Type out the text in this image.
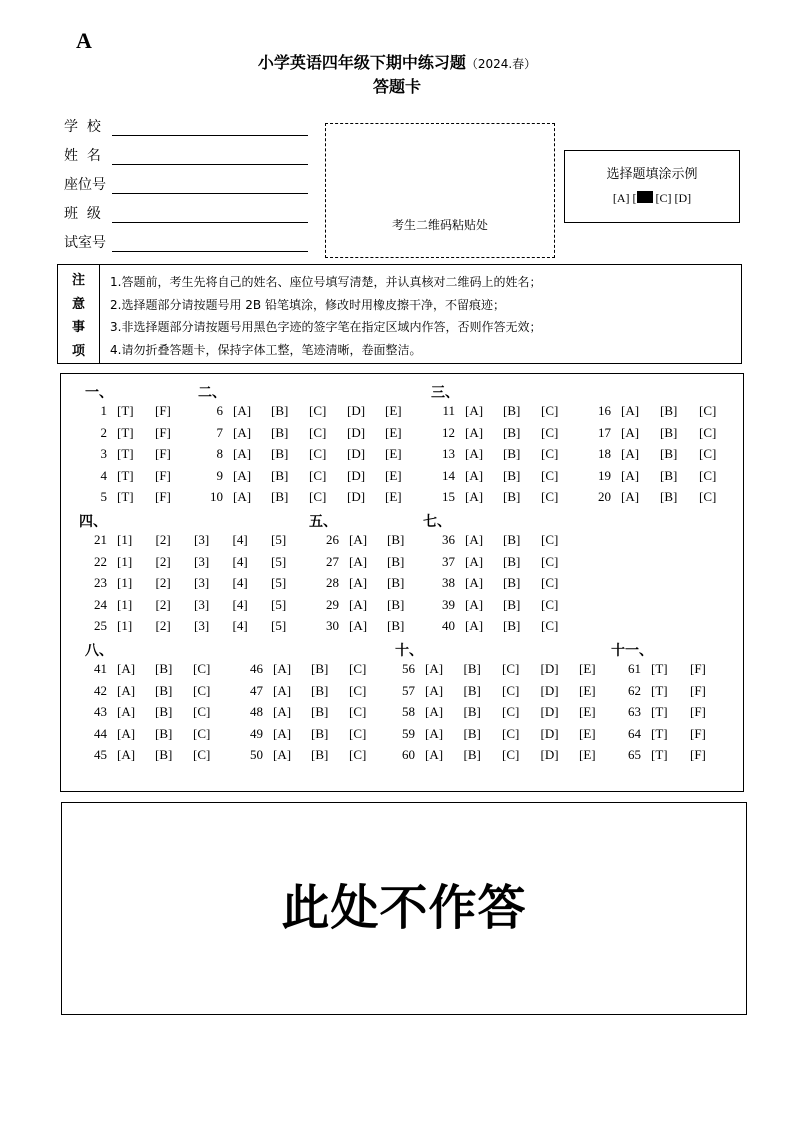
A
小学英语四年级下期中练习题（2024.春）
答题卡
学  校
姓  名
座位号
班  级
试室号
考生二维码粘贴处
选择题填涂示例
[A] [ [C] [D]
注
意
事
项
1.答题前，考生先将自己的姓名、座位号填写清楚，并认真核对二维码上的姓名；
2.选择题部分请按题号用 2B 铅笔填涂，修改时用橡皮擦干净，不留痕迹；
3.非选择题部分请按题号用黑色字迹的签字笔在指定区域内作答，否则作答无效；
4.请勿折叠答题卡，保持字体工整，笔迹清晰，卷面整洁。
一、	二、	三、
四、	五、	七、
八、	十、	十一、
1 [T] [F]
2 [T] [F]
3 [T] [F]
4 [T] [F]
5 [T] [F]
6 [A] [B] [C] [D] [E]
7 [A] [B] [C] [D] [E]
8 [A] [B] [C] [D] [E]
9 [A] [B] [C] [D] [E]
10 [A] [B] [C] [D] [E]
11 [A] [B] [C]
12 [A] [B] [C]
13 [A] [B] [C]
14 [A] [B] [C]
15 [A] [B] [C]
16 [A] [B] [C]
17 [A] [B] [C]
18 [A] [B] [C]
19 [A] [B] [C]
20 [A] [B] [C]
21 [1] [2] [3] [4] [5]
22 [1] [2] [3] [4] [5]
23 [1] [2] [3] [4] [5]
24 [1] [2] [3] [4] [5]
25 [1] [2] [3] [4] [5]
26 [A] [B]
27 [A] [B]
28 [A] [B]
29 [A] [B]
30 [A] [B]
36 [A] [B] [C]
37 [A] [B] [C]
38 [A] [B] [C]
39 [A] [B] [C]
40 [A] [B] [C]
41 [A] [B] [C]
42 [A] [B] [C]
43 [A] [B] [C]
44 [A] [B] [C]
45 [A] [B] [C]
46 [A] [B] [C]
47 [A] [B] [C]
48 [A] [B] [C]
49 [A] [B] [C]
50 [A] [B] [C]
56 [A] [B] [C] [D] [E]
57 [A] [B] [C] [D] [E]
58 [A] [B] [C] [D] [E]
59 [A] [B] [C] [D] [E]
60 [A] [B] [C] [D] [E]
61 [T] [F]
62 [T] [F]
63 [T] [F]
64 [T] [F]
65 [T] [F]
此处不作答
